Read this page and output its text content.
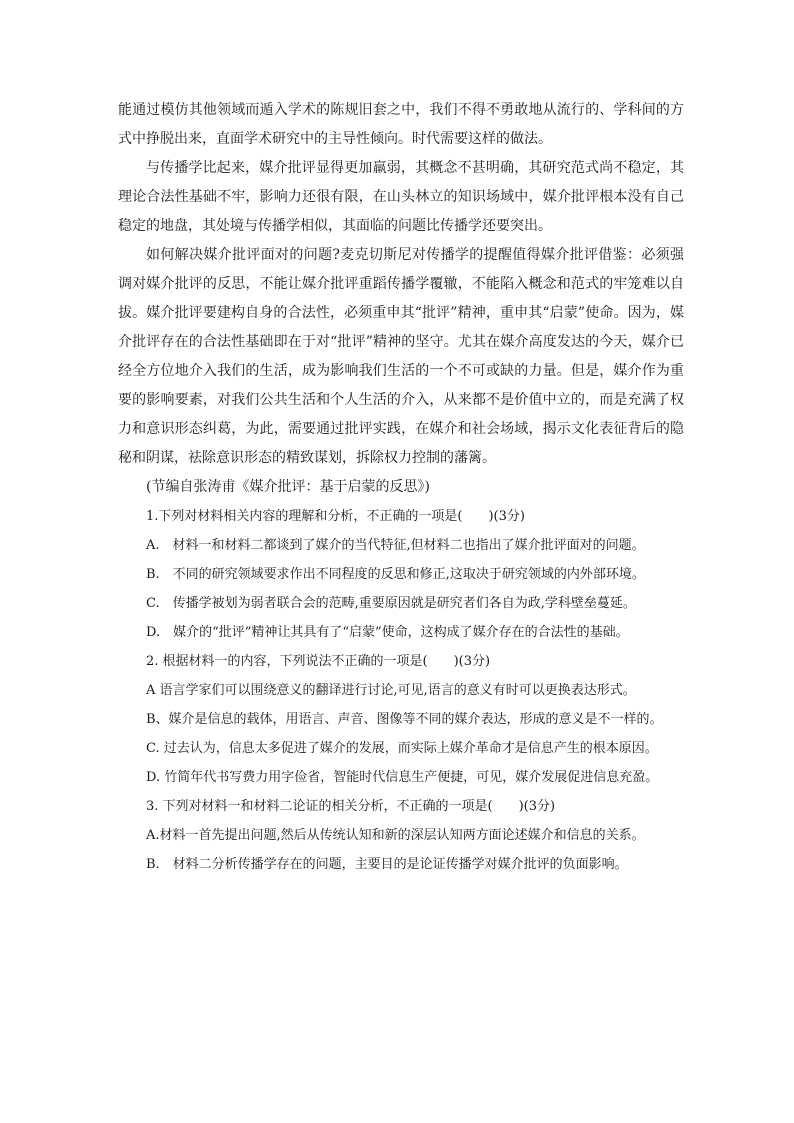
能通过模仿其他领域而遁入学术的陈规旧套之中，我们不得不勇敢地从流行的、学科间的方式中挣脱出来，直面学术研究中的主导性倾向。时代需要这样的做法。

与传播学比起来，媒介批评显得更加羸弱，其概念不甚明确，其研究范式尚不稳定，其理论合法性基础不牢，影响力还很有限，在山头林立的知识场域中，媒介批评根本没有自己稳定的地盘，其处境与传播学相似，其面临的问题比传播学还要突出。

如何解决媒介批评面对的问题?麦克切斯尼对传播学的提醒值得媒介批评借鉴：必须强调对媒介批评的反思，不能让媒介批评重蹈传播学覆辙，不能陷入概念和范式的牢笼难以自拔。媒介批评要建构自身的合法性，必须重申其“批评”精神，重申其“启蒙”使命。因为，媒介批评存在的合法性基础即在于对“批评”精神的坚守。尤其在媒介高度发达的今天，媒介已经全方位地介入我们的生活，成为影响我们生活的一个不可或缺的力量。但是，媒介作为重要的影响要素，对我们公共生活和个人生活的介入，从来都不是价值中立的，而是充满了权力和意识形态纠葛，为此，需要通过批评实践，在媒介和社会场域，揭示文化表征背后的隐秘和阴谋，祛除意识形态的精致谋划，拆除权力控制的藩篱。

(节编自张涛甫《媒介批评：基于启蒙的反思》)

1.下列对材料相关内容的理解和分析，不正确的一项是(　　)(3分)

A.　材料一和材料二都谈到了媒介的当代特征,但材料二也指出了媒介批评面对的问题。

B.　不同的研究领域要求作出不同程度的反思和修正,这取决于研究领域的内外部环境。

C.　传播学被划为弱者联合会的范畴,重要原因就是研究者们各自为政,学科壁垒蔓延。

D.　媒介的“批评”精神让其具有了“启蒙”使命，这构成了媒介存在的合法性的基础。

2. 根据材料一的内容，下列说法不正确的一项是(　　)(3分)

A 语言学家们可以围绕意义的翻译进行讨论,可见,语言的意义有时可以更换表达形式。

B、媒介是信息的载体，用语言、声音、图像等不同的媒介表达，形成的意义是不一样的。

C. 过去认为，信息太多促进了媒介的发展，而实际上媒介革命才是信息产生的根本原因。

D. 竹简年代书写费力用字俭省，智能时代信息生产便捷，可见，媒介发展促进信息充盈。

3. 下列对材料一和材料二论证的相关分析，不正确的一项是(　　)(3分)

A.材料一首先提出问题,然后从传统认知和新的深层认知两方面论述媒介和信息的关系。

B.　材料二分析传播学存在的问题，主要目的是论证传播学对媒介批评的负面影响。
